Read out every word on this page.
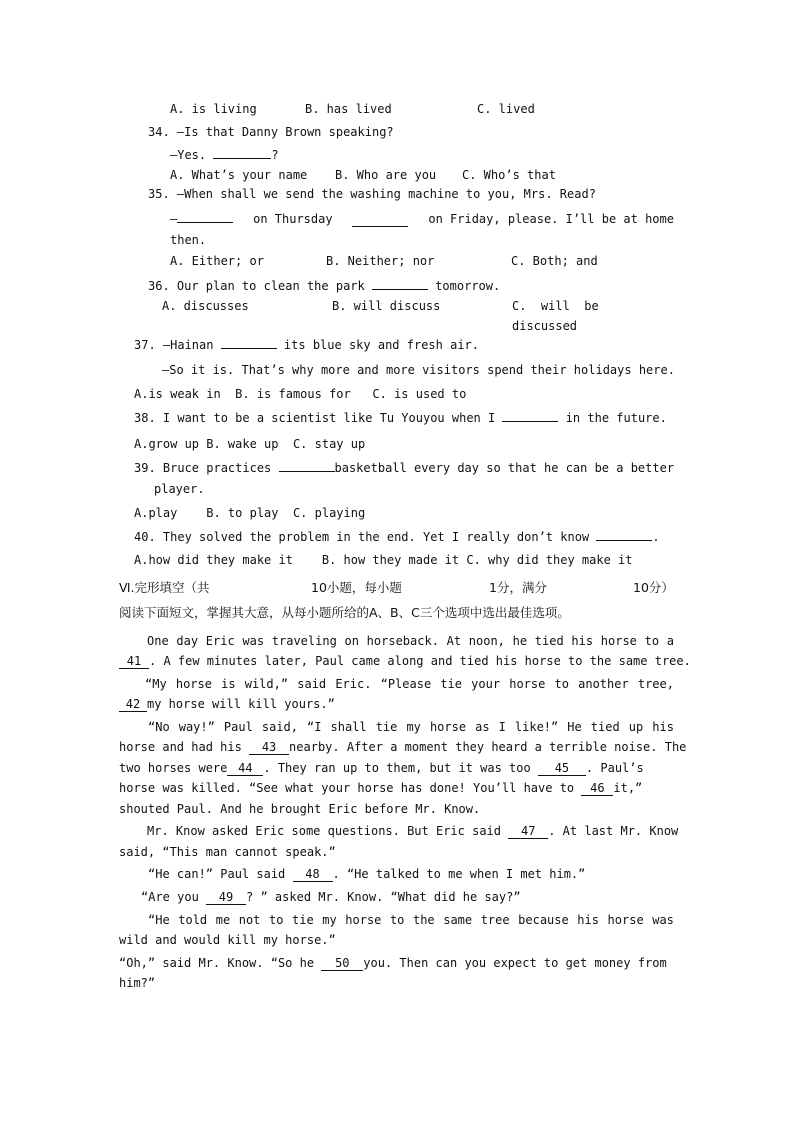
A. is living	B. has lived	C. lived
34. —Is that Danny Brown speaking?
—Yes.	?
A. What’s your name B. Who are you C. Who’s that
35. —When shall we send the washing machine to you, Mrs. Read?
—	on Thursday	on Friday, please. I’ll be at home
then.
A. Either; or	B. Neither; nor	C. Both; and
36. Our plan to clean the park	tomorrow.
A. discusses	B. will discuss	C.  will  be
discussed
37. —Hainan	its blue sky and fresh air.
—So it is. That’s why more and more visitors spend their holidays here.
A.is weak in  B. is famous for   C. is used to
38. I want to be a scientist like Tu Youyou when I	in the future.
A.grow up B. wake up  C. stay up
39. Bruce practices	basketball every day so that he can be a better
player.
A.play    B. to play  C. playing
40. They solved the problem in the end. Yet I really don’t know	.
A.how did they make it    B. how they made it C. why did they make it
Ⅵ.完形填空（共	10小题，每小题	1分，满分	10分）
阅读下面短文，掌握其大意，从每小题所给的A、B、C三个选项中选出最佳选项。
One day Eric was traveling on horseback. At noon, he tied his horse to a
41 . A few minutes later, Paul came along and tied his horse to the same tree.
“My horse is wild,” said Eric. “Please tie your horse to another tree,
42 my horse will kill yours.”
“No way!” Paul said, “I shall tie my horse as I like!” He tied up his
horse and had his 43 nearby. After a moment they heard a terrible noise. The
two horses were 44 . They ran up to them, but it was too 45 . Paul’s
horse was killed. “See what your horse has done! You’ll have to 46 it,”
shouted Paul. And he brought Eric before Mr. Know.
Mr. Know asked Eric some questions. But Eric said 47 . At last Mr. Know
said, “This man cannot speak.”
“He can!” Paul said 48 . “He talked to me when I met him.”
“Are you 49 ? ” asked Mr. Know. “What did he say?”
“He told me not to tie my horse to the same tree because his horse was
wild and would kill my horse.”
“Oh,” said Mr. Know. “So he 50 you. Then can you expect to get money from
him?”
